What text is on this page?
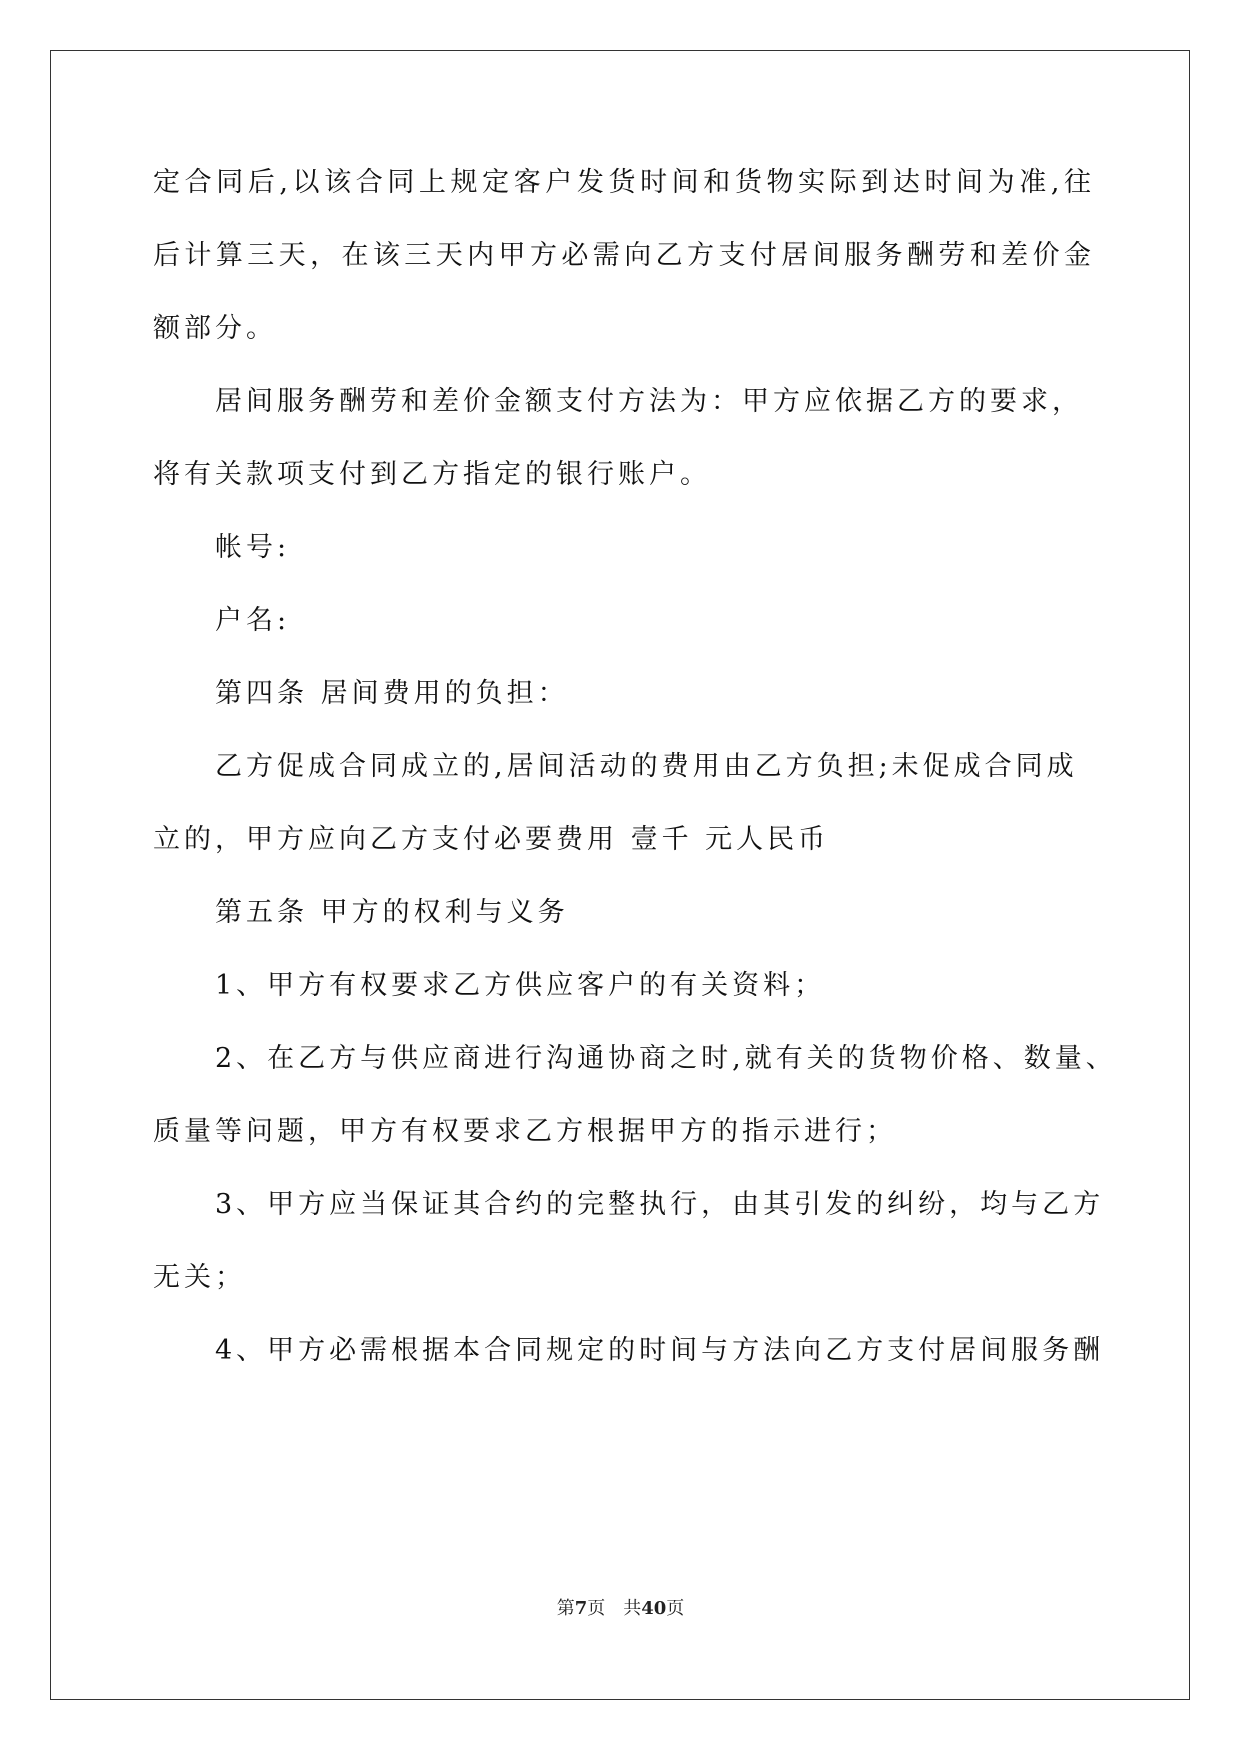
定合同后,以该合同上规定客户发货时间和货物实际到达时间为准,往
后计算三天，在该三天内甲方必需向乙方支付居间服务酬劳和差价金
额部分。
居间服务酬劳和差价金额支付方法为：甲方应依据乙方的要求，
将有关款项支付到乙方指定的银行账户。
帐号:
户名:
第四条 居间费用的负担：
乙方促成合同成立的,居间活动的费用由乙方负担;未促成合同成
立的，甲方应向乙方支付必要费用 壹千 元人民币
第五条 甲方的权利与义务
1、甲方有权要求乙方供应客户的有关资料；
2、在乙方与供应商进行沟通协商之时,就有关的货物价格、数量、
质量等问题，甲方有权要求乙方根据甲方的指示进行；
3、甲方应当保证其合约的完整执行，由其引发的纠纷，均与乙方
无关；
4、甲方必需根据本合同规定的时间与方法向乙方支付居间服务酬
第7页　共40页
